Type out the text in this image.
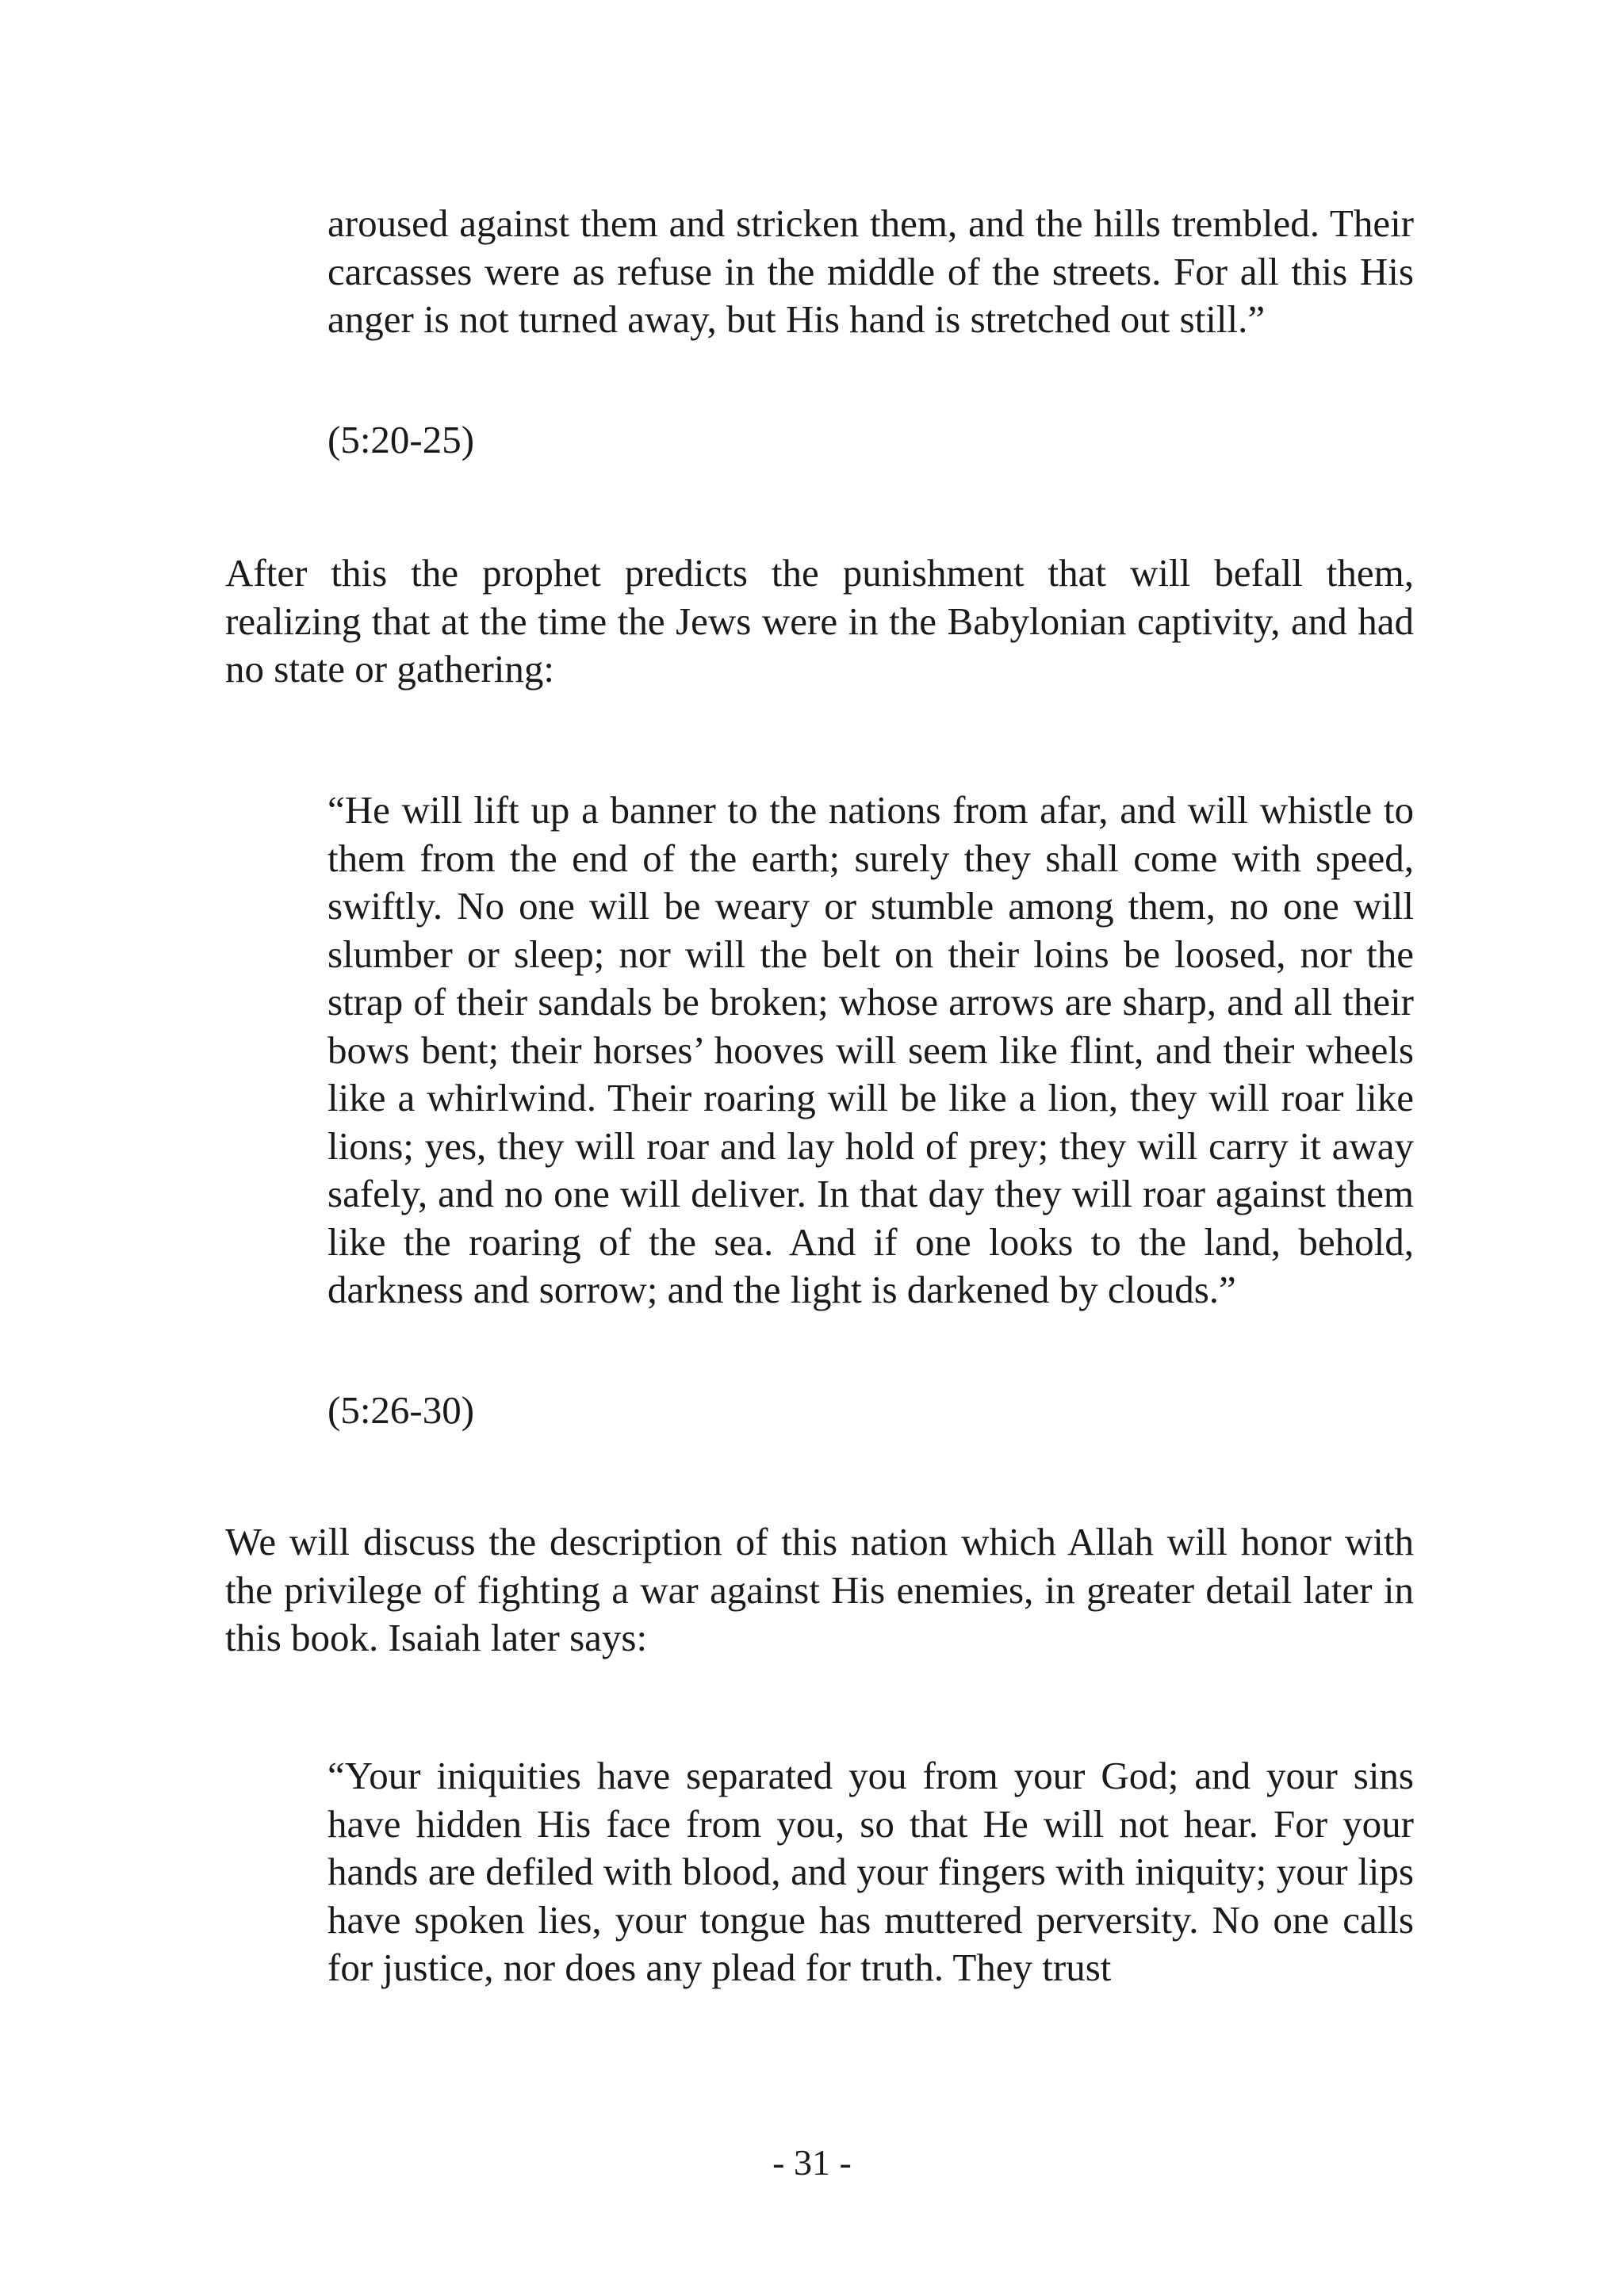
aroused against them and stricken them, and the hills trembled. Their carcasses were as refuse in the middle of the streets. For all this His anger is not turned away, but His hand is stretched out still.”

(5:20-25)

After this the prophet predicts the punishment that will befall them, realizing that at the time the Jews were in the Babylonian captivity, and had no state or gathering:

“He will lift up a banner to the nations from afar, and will whistle to them from the end of the earth; surely they shall come with speed, swiftly. No one will be weary or stumble among them, no one will slumber or sleep; nor will the belt on their loins be loosed, nor the strap of their sandals be broken; whose arrows are sharp, and all their bows bent; their horses’ hooves will seem like flint, and their wheels like a whirlwind. Their roaring will be like a lion, they will roar like lions; yes, they will roar and lay hold of prey; they will carry it away safely, and no one will deliver. In that day they will roar against them like the roaring of the sea. And if one looks to the land, behold, darkness and sorrow; and the light is darkened by clouds.”

(5:26-30)

We will discuss the description of this nation which Allah will honor with the privilege of fighting a war against His enemies, in greater detail later in this book. Isaiah later says:

“Your iniquities have separated you from your God; and your sins have hidden His face from you, so that He will not hear. For your hands are defiled with blood, and your fingers with iniquity; your lips have spoken lies, your tongue has muttered perversity. No one calls for justice, nor does any plead for truth. They trust

- 31 -
